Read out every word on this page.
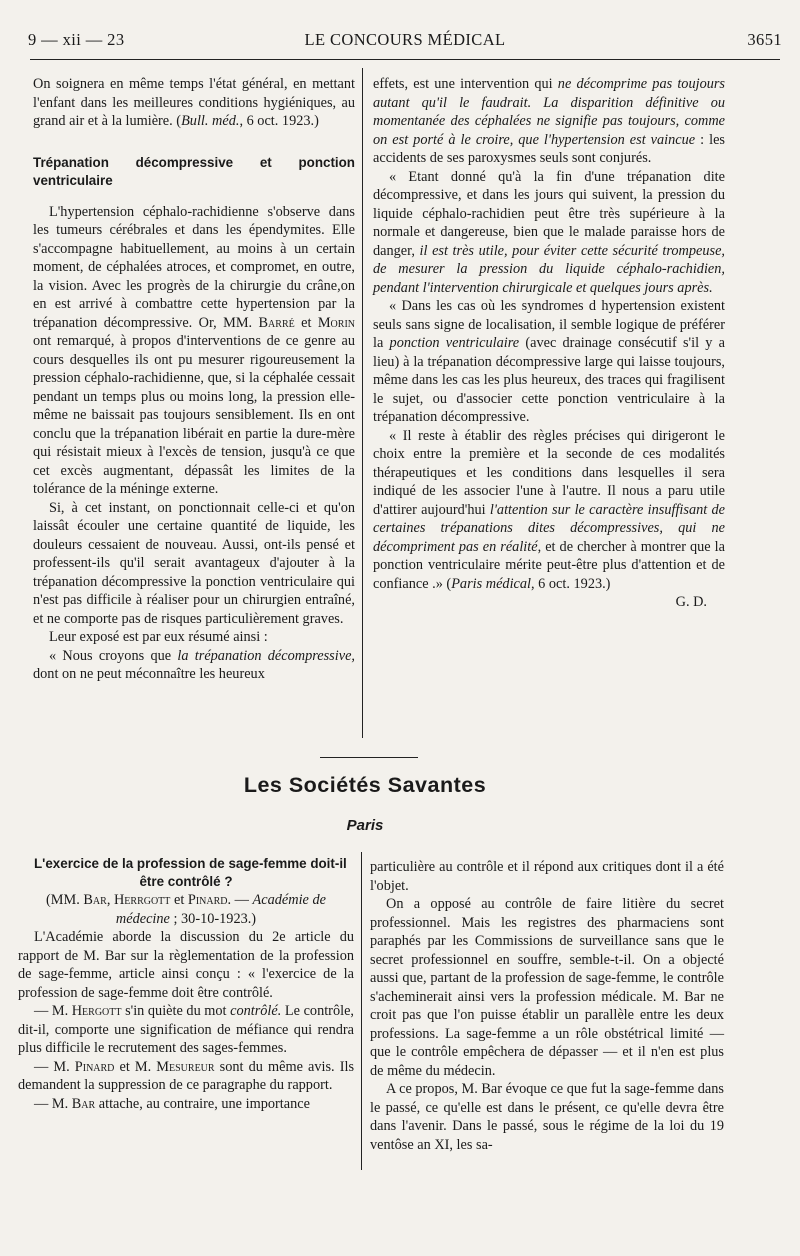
9 — xii — 23	LE CONCOURS MÉDICAL	3651

On soignera en même temps l'état général, en mettant l'enfant dans les meilleures conditions hygiéniques, au grand air et à la lumière. (Bull. méd., 6 oct. 1923.)

Trépanation décompressive et ponction ventriculaire

L'hypertension céphalo-rachidienne s'observe dans les tumeurs cérébrales et dans les épendymites. Elle s'accompagne habituellement, au moins à un certain moment, de céphalées atroces, et compromet, en outre, la vision. Avec les progrès de la chirurgie du crâne,on en est arrivé à combattre cette hypertension par la trépanation décompressive. Or, MM. Barré et Morin ont remarqué, à propos d'interventions de ce genre au cours desquelles ils ont pu mesurer rigoureusement la pression céphalo-rachidienne, que, si la céphalée cessait pendant un temps plus ou moins long, la pression elle-même ne baissait pas toujours sensiblement. Ils en ont conclu que la trépanation libérait en partie la dure-mère qui résistait mieux à l'excès de tension, jusqu'à ce que cet excès augmentant, dépassât les limites de la tolérance de la méninge externe.

Si, à cet instant, on ponctionnait celle-ci et qu'on laissât écouler une certaine quantité de liquide, les douleurs cessaient de nouveau. Aussi, ont-ils pensé et professent-ils qu'il serait avantageux d'ajouter à la trépanation décompressive la ponction ventriculaire qui n'est pas difficile à réaliser pour un chirurgien entraîné, et ne comporte pas de risques particulièrement graves.

Leur exposé est par eux résumé ainsi :

« Nous croyons que la trépanation décompressive, dont on ne peut méconnaître les heureux

effets, est une intervention qui ne décomprime pas toujours autant qu'il le faudrait. La disparition définitive ou momentanée des céphalées ne signifie pas toujours, comme on est porté à le croire, que l'hypertension est vaincue : les accidents de ses paroxysmes seuls sont conjurés.

« Etant donné qu'à la fin d'une trépanation dite décompressive, et dans les jours qui suivent, la pression du liquide céphalo-rachidien peut être très supérieure à la normale et dangereuse, bien que le malade paraisse hors de danger, il est très utile, pour éviter cette sécurité trompeuse, de mesurer la pression du liquide céphalo-rachidien, pendant l'intervention chirurgicale et quelques jours après.

« Dans les cas où les syndromes d hypertension existent seuls sans signe de localisation, il semble logique de préférer la ponction ventriculaire (avec drainage consécutif s'il y a lieu) à la trépanation décompressive large qui laisse toujours, même dans les cas les plus heureux, des traces qui fragilisent le sujet, ou d'associer cette ponction ventriculaire à la trépanation décompressive.

« Il reste à établir des règles précises qui dirigeront le choix entre la première et la seconde de ces modalités thérapeutiques et les conditions dans lesquelles il sera indiqué de les associer l'une à l'autre. Il nous a paru utile d'attirer aujourd'hui l'attention sur le caractère insuffisant de certaines trépanations dites décompressives, qui ne décompriment pas en réalité, et de chercher à montrer que la ponction ventriculaire mérite peut-être plus d'attention et de confiance .» (Paris médical, 6 oct. 1923.)

G. D.

Les Sociétés Savantes
Paris

L'exercice de la profession de sage-femme doit-il
être contrôlé ?

(MM. Bar, Herrgott et Pinard. — Académie de médecine ; 30-10-1923.)

L'Académie aborde la discussion du 2e article du rapport de M. Bar sur la règlementation de la profession de sage-femme, article ainsi conçu : « l'exercice de la profession de sage-femme doit être contrôlé.

— M. Hergott s'in quiète du mot contrôlé. Le contrôle, dit-il, comporte une signification de méfiance qui rendra plus difficile le recrutement des sages-femmes.

— M. Pinard et M. Mesureur sont du même avis. Ils demandent la suppression de ce paragraphe du rapport.

— M. Bar attache, au contraire, une importance

particulière au contrôle et il répond aux critiques dont il a été l'objet.

On a opposé au contrôle de faire litière du secret professionnel. Mais les registres des pharmaciens sont paraphés par les Commissions de surveillance sans que le secret professionnel en souffre, semble-t-il. On a objecté aussi que, partant de la profession de sage-femme, le contrôle s'acheminerait ainsi vers la profession médicale. M. Bar ne croit pas que l'on puisse établir un parallèle entre les deux professions. La sage-femme a un rôle obstétrical limité — que le contrôle empêchera de dépasser — et il n'en est plus de même du médecin.

A ce propos, M. Bar évoque ce que fut la sage-femme dans le passé, ce qu'elle est dans le présent, ce qu'elle devra être dans l'avenir. Dans le passé, sous le régime de la loi du 19 ventôse an XI, les sa-
